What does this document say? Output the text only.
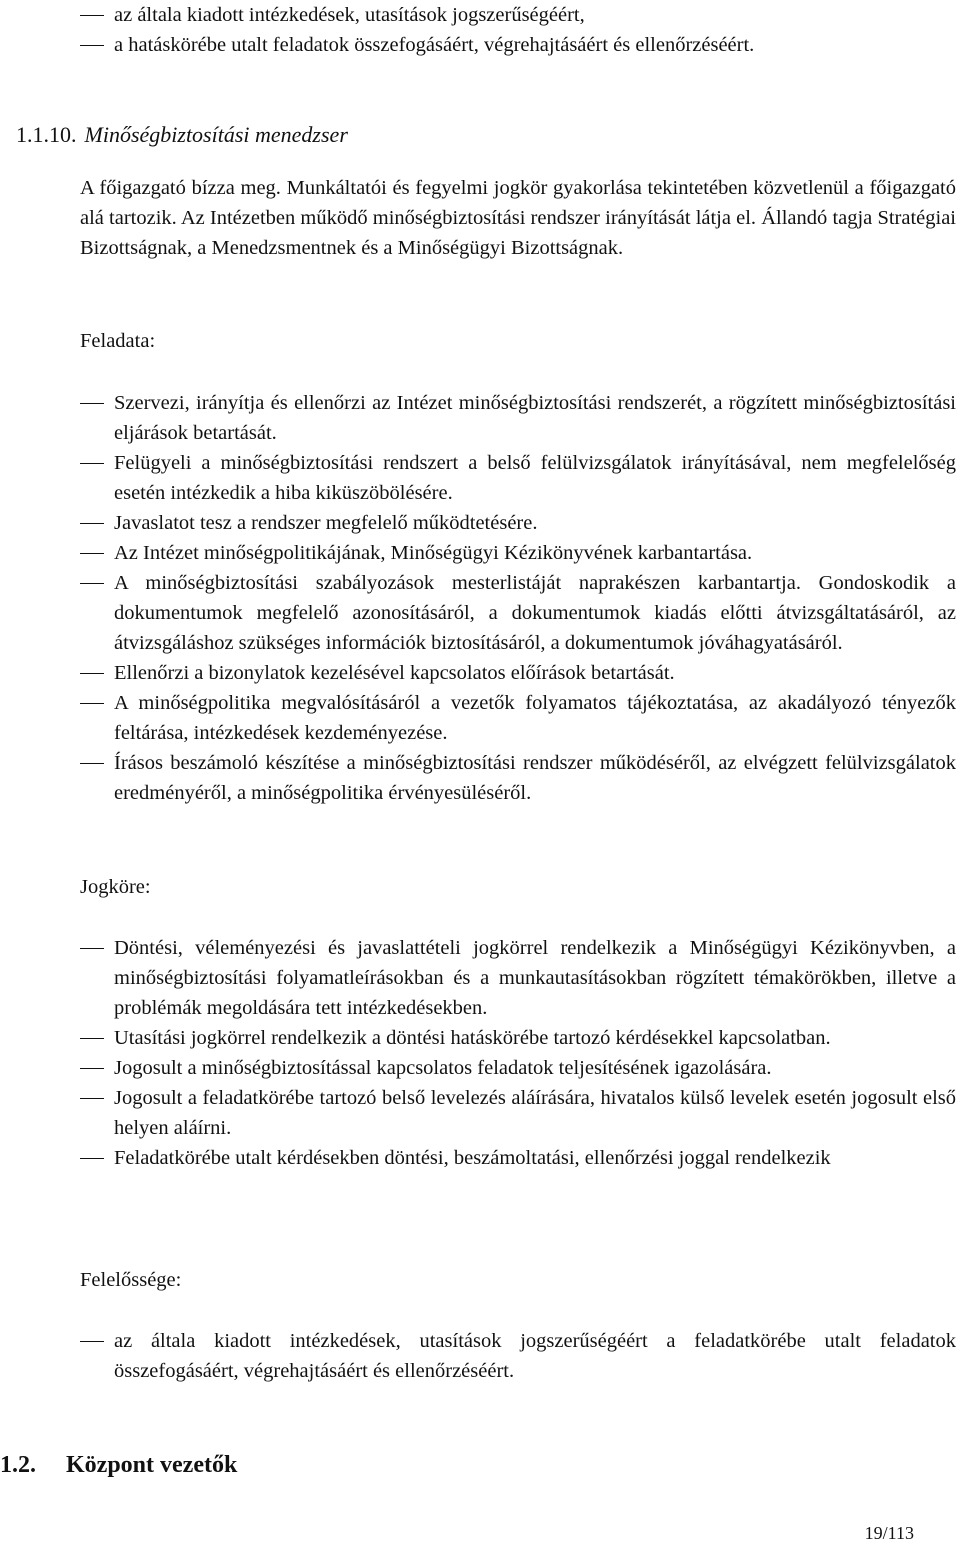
az általa kiadott intézkedések, utasítások jogszerűségéért,
a hatáskörébe utalt feladatok összefogásáért, végrehajtásáért és ellenőrzéséért.
1.1.10. Minőségbiztosítási menedzser

A főigazgató bízza meg. Munkáltatói és fegyelmi jogkör gyakorlása tekintetében közvetlenül a főigazgató alá tartozik. Az Intézetben működő minőségbiztosítási rendszer irányítását látja el. Állandó tagja Stratégiai Bizottságnak, a Menedzsmentnek és a Minőségügyi Bizottságnak.

Feladata:
Szervezi, irányítja és ellenőrzi az Intézet minőségbiztosítási rendszerét, a rögzített minőségbiztosítási eljárások betartását.
Felügyeli a minőségbiztosítási rendszert a belső felülvizsgálatok irányításával, nem megfelelőség esetén intézkedik a hiba kiküszöbölésére.
Javaslatot tesz a rendszer megfelelő működtetésére.
Az Intézet minőségpolitikájának, Minőségügyi Kézikönyvének karbantartása.
A minőségbiztosítási szabályozások mesterlistáját naprakészen karbantartja. Gondoskodik a dokumentumok megfelelő azonosításáról, a dokumentumok kiadás előtti átvizsgáltatásáról, az átvizsgáláshoz szükséges információk biztosításáról, a dokumentumok jóváhagyatásáról.
Ellenőrzi a bizonylatok kezelésével kapcsolatos előírások betartását.
A minőségpolitika megvalósításáról a vezetők folyamatos tájékoztatása, az akadályozó tényezők feltárása, intézkedések kezdeményezése.
Írásos beszámoló készítése a minőségbiztosítási rendszer működéséről, az elvégzett felülvizsgálatok eredményéről, a minőségpolitika érvényesüléséről.
Jogköre:
Döntési, véleményezési és javaslattételi jogkörrel rendelkezik a Minőségügyi Kézikönyvben, a minőségbiztosítási folyamatleírásokban és a munkautasításokban rögzített témakörökben, illetve a problémák megoldására tett intézkedésekben.
Utasítási jogkörrel rendelkezik a döntési hatáskörébe tartozó kérdésekkel kapcsolatban.
Jogosult a minőségbiztosítással kapcsolatos feladatok teljesítésének igazolására.
Jogosult a feladatkörébe tartozó belső levelezés aláírására, hivatalos külső levelek esetén jogosult első helyen aláírni.
Feladatkörébe utalt kérdésekben döntési, beszámoltatási, ellenőrzési joggal rendelkezik
Felelőssége:
az általa kiadott intézkedések, utasítások jogszerűségéért a feladatkörébe utalt feladatok összefogásáért, végrehajtásáért és ellenőrzéséért.
1.2. Központ vezetők
19/113
